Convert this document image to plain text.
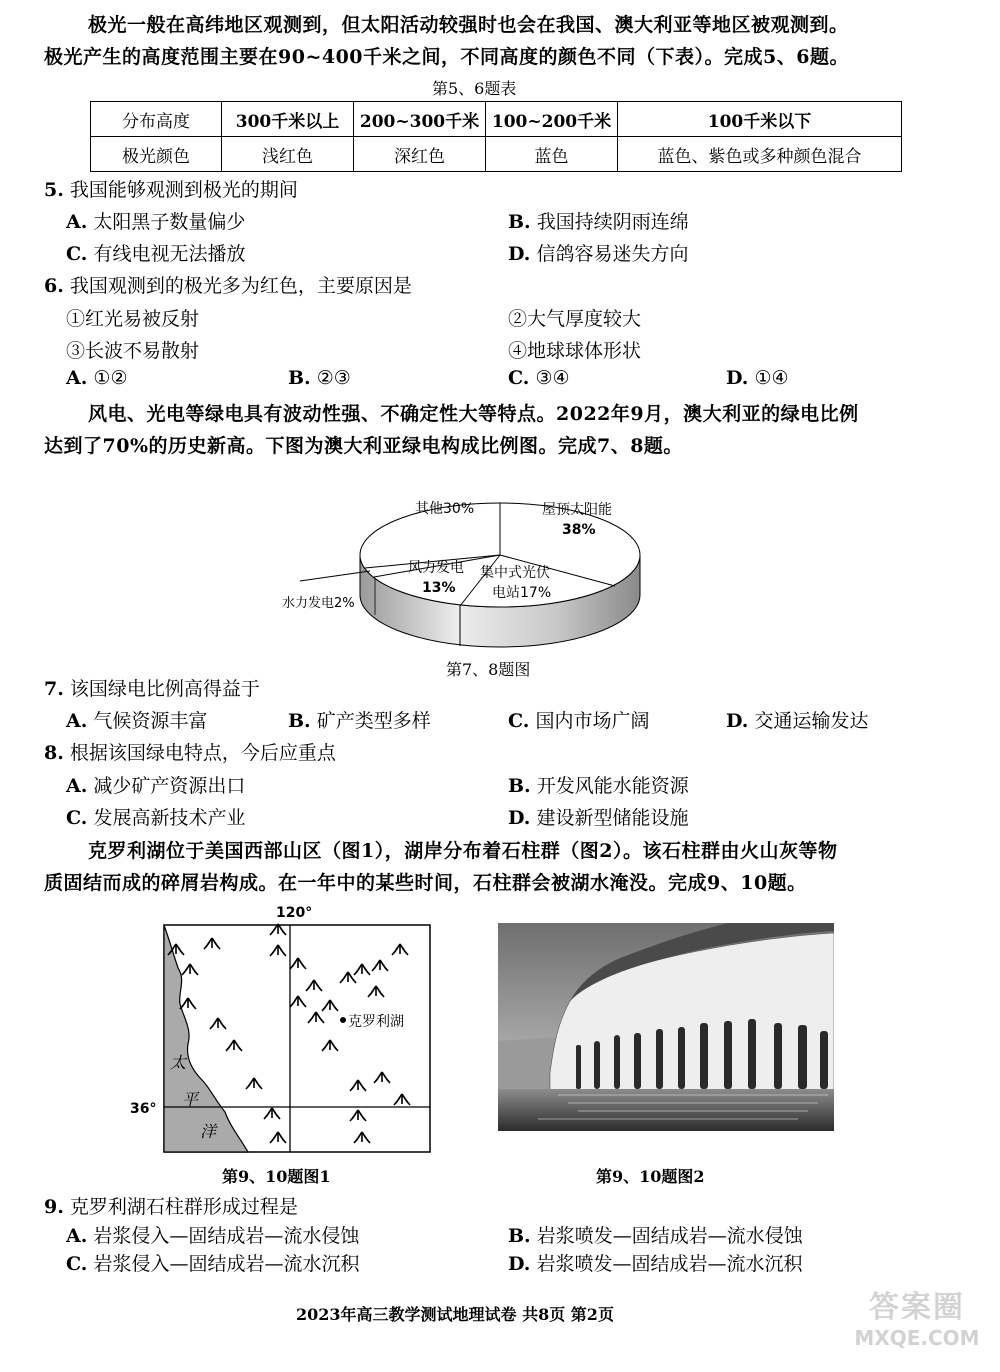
极光一般在高纬地区观测到，但太阳活动较强时也会在我国、澳大利亚等地区被观测到。
极光产生的高度范围主要在90~400千米之间，不同高度的颜色不同（下表）。完成5、6题。
第5、6题表
分布高度	300千米以上	200~300千米	100~200千米	100千米以下
极光颜色	浅红色	深红色	蓝色	蓝色、紫色或多种颜色混合
5. 我国能够观测到极光的期间
A. 太阳黑子数量偏少	B. 我国持续阴雨连绵
C. 有线电视无法播放	D. 信鸽容易迷失方向
6. 我国观测到的极光多为红色，主要原因是
①红光易被反射	②大气厚度较大
③长波不易散射	④地球球体形状
A. ①②	B. ②③	C. ③④	D. ①④
风电、光电等绿电具有波动性强、不确定性大等特点。2022年9月，澳大利亚的绿电比例
达到了70%的历史新高。下图为澳大利亚绿电构成比例图。完成7、8题。
屋顶太阳能
38%
集中式光伏
电站17%
风力发电
13%
其他30%
水力发电2%
第7、8题图
7. 该国绿电比例高得益于
A. 气候资源丰富	B. 矿产类型多样	C. 国内市场广阔	D. 交通运输发达
8. 根据该国绿电特点，今后应重点
A. 减少矿产资源出口	B. 开发风能水能资源
C. 发展高新技术产业	D. 建设新型储能设施
克罗利湖位于美国西部山区（图1），湖岸分布着石柱群（图2）。该石柱群由火山灰等物
质固结而成的碎屑岩构成。在一年中的某些时间，石柱群会被湖水淹没。完成9、10题。
120°
36°
太
平
洋
克罗利湖
第9、10题图1	第9、10题图2
9. 克罗利湖石柱群形成过程是
A. 岩浆侵入—固结成岩—流水侵蚀	B. 岩浆喷发—固结成岩—流水侵蚀
C. 岩浆侵入—固结成岩—流水沉积	D. 岩浆喷发—固结成岩—流水沉积
2023年高三教学测试地理试卷 共8页 第2页	答案圈
MXQE.COM
